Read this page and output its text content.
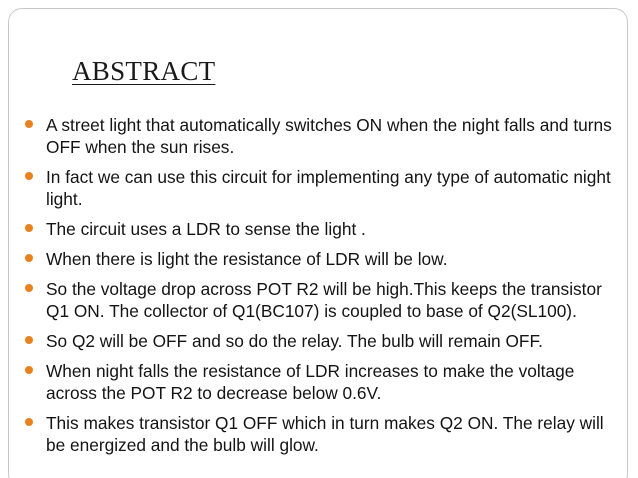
ABSTRACT
A street light that automatically switches ON when the night falls and turns OFF when the sun rises.
In fact we can use this circuit for implementing any type of automatic night light.
The circuit uses a LDR to sense the light .
When there is light the resistance of LDR will be low.
So the voltage drop across POT R2 will be high.This keeps the transistor Q1 ON. The collector of Q1(BC107) is coupled to base of Q2(SL100).
So Q2 will be OFF and so do the relay. The bulb will remain OFF.
When night falls the resistance of LDR increases to make the voltage across the POT R2 to decrease below 0.6V.
This makes transistor Q1 OFF which in turn makes Q2 ON. The relay will be energized and the bulb will glow.
